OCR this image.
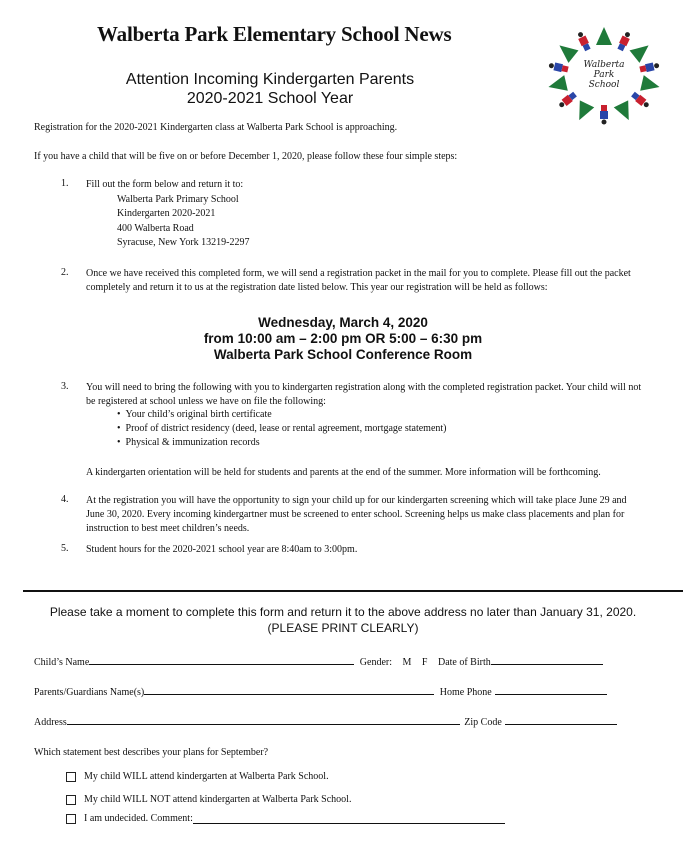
Walberta Park Elementary School News
Attention Incoming Kindergarten Parents
2020-2021 School Year
Walberta
Park
School
Registration for the 2020-2021 Kindergarten class at Walberta Park School is approaching.
If you have a child that will be five on or before December 1, 2020, please follow these four simple steps:
1. Fill out the form below and return it to:
Walberta Park Primary School
Kindergarten 2020-2021
400 Walberta Road
Syracuse, New York 13219-2297
2. Once we have received this completed form, we will send a registration packet in the mail for you to complete. Please fill out the packet completely and return it to us at the registration date listed below. This year our registration will be held as follows:
Wednesday, March 4, 2020
from 10:00 am – 2:00 pm OR 5:00 – 6:30 pm
Walberta Park School Conference Room
3. You will need to bring the following with you to kindergarten registration along with the completed registration packet. Your child will not be registered at school unless we have on file the following:
• Your child’s original birth certificate
• Proof of district residency (deed, lease or rental agreement, mortgage statement)
• Physical & immunization records
A kindergarten orientation will be held for students and parents at the end of the summer. More information will be forthcoming.
4. At the registration you will have the opportunity to sign your child up for our kindergarten screening which will take place June 29 and June 30, 2020. Every incoming kindergartner must be screened to enter school. Screening helps us make class placements and plan for instruction to best meet children’s needs.
5. Student hours for the 2020-2021 school year are 8:40am to 3:00pm.
Please take a moment to complete this form and return it to the above address no later than January 31, 2020.
(PLEASE PRINT CLEARLY)
Child’s Name	Gender: M F Date of Birth
Parents/Guardians Name(s)	Home Phone
Address	Zip Code
Which statement best describes your plans for September?
My child WILL attend kindergarten at Walberta Park School.
My child WILL NOT attend kindergarten at Walberta Park School.
I am undecided. Comment:
